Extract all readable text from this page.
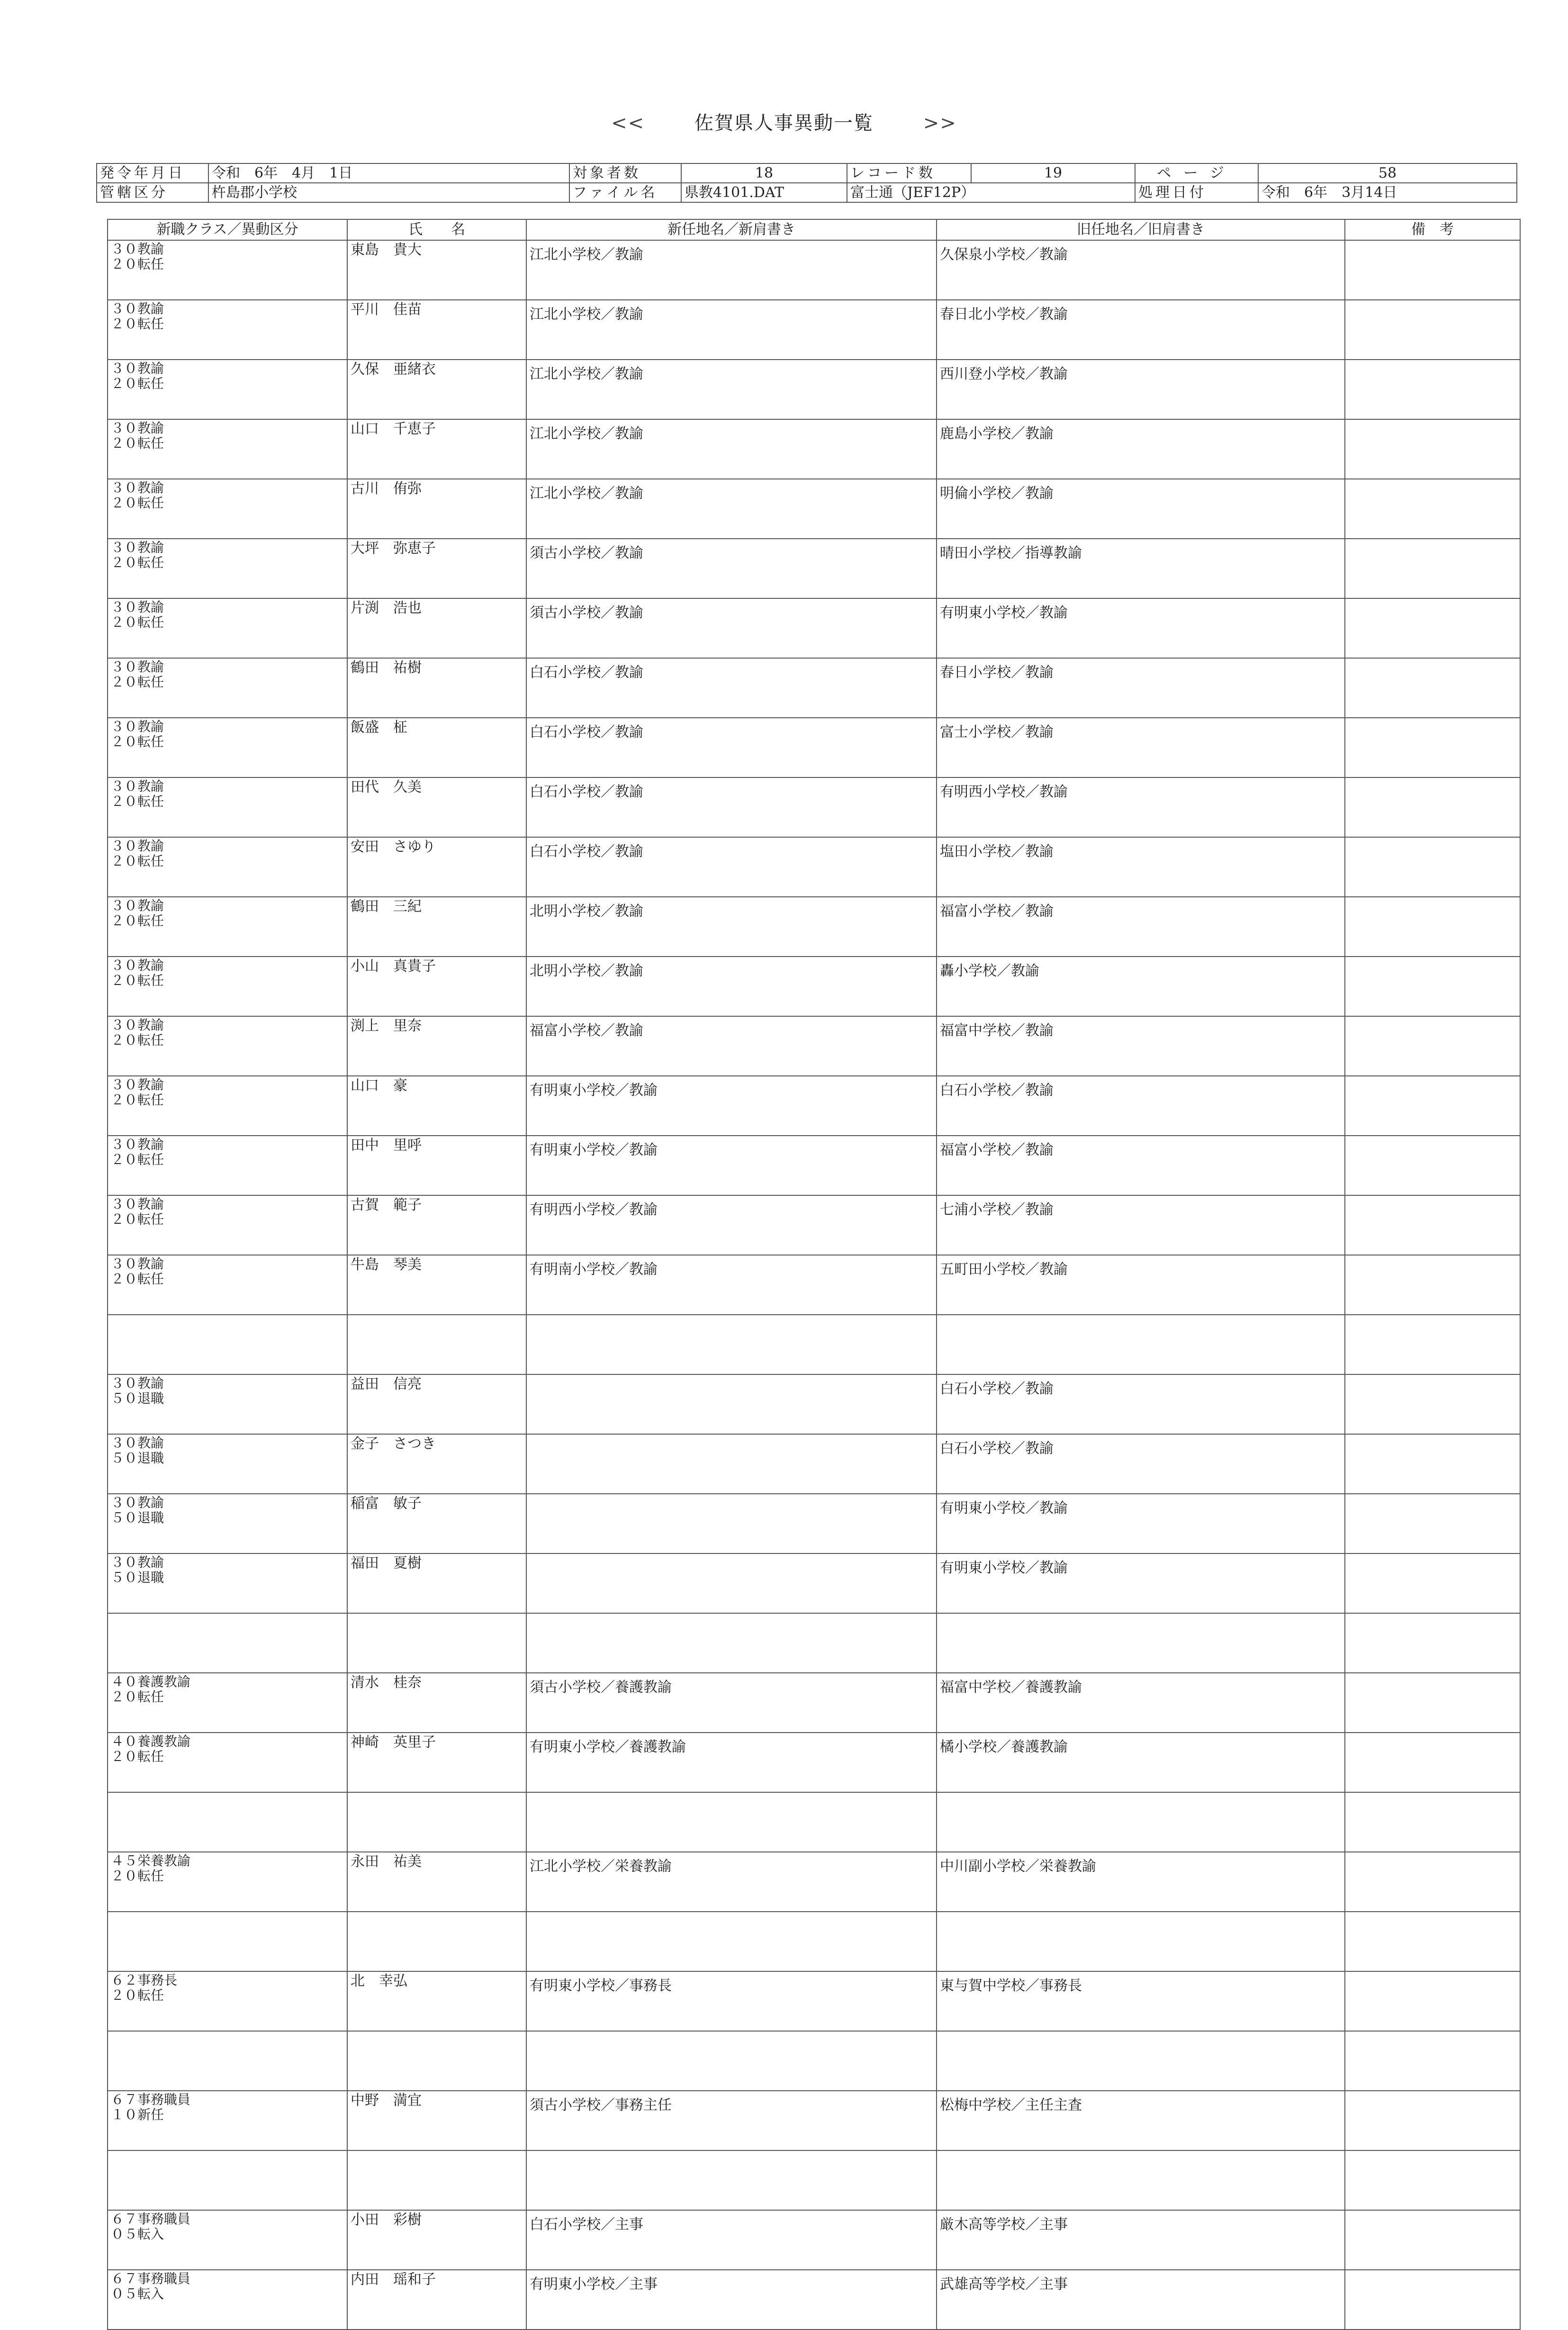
<<	佐賀県人事異動一覧	>>
発令年月日	令和　6年　4月　1日	対象者数	18	レコード数	19	ページ	58
管轄区分	杵島郡小学校	ファイル名	県教4101.DAT	富士通（JEF12P）		処理日付	令和　6年　3月14日
新職クラス／異動区分	氏　　名	新任地名／新肩書き	旧任地名／旧肩書き	備　考

３０教諭
２０転任	東島　貴大	江北小学校／教諭	久保泉小学校／教諭	

３０教諭
２０転任	平川　佳苗	江北小学校／教諭	春日北小学校／教諭	

３０教諭
２０転任	久保　亜緒衣	江北小学校／教諭	西川登小学校／教諭	

３０教諭
２０転任	山口　千恵子	江北小学校／教諭	鹿島小学校／教諭	

３０教諭
２０転任	古川　侑弥	江北小学校／教諭	明倫小学校／教諭	

３０教諭
２０転任	大坪　弥恵子	須古小学校／教諭	晴田小学校／指導教諭	

３０教諭
２０転任	片渕　浩也	須古小学校／教諭	有明東小学校／教諭	

３０教諭
２０転任	鶴田　祐樹	白石小学校／教諭	春日小学校／教諭	

３０教諭
２０転任	飯盛　柾	白石小学校／教諭	富士小学校／教諭	

３０教諭
２０転任	田代　久美	白石小学校／教諭	有明西小学校／教諭	

３０教諭
２０転任	安田　さゆり	白石小学校／教諭	塩田小学校／教諭	

３０教諭
２０転任	鶴田　三紀	北明小学校／教諭	福富小学校／教諭	

３０教諭
２０転任	小山　真貴子	北明小学校／教諭	轟小学校／教諭	

３０教諭
２０転任	渕上　里奈	福富小学校／教諭	福富中学校／教諭	

３０教諭
２０転任	山口　豪	有明東小学校／教諭	白石小学校／教諭	

３０教諭
２０転任	田中　里呼	有明東小学校／教諭	福富小学校／教諭	

３０教諭
２０転任	古賀　範子	有明西小学校／教諭	七浦小学校／教諭	

３０教諭
２０転任	牛島　琴美	有明南小学校／教諭	五町田小学校／教諭	

３０教諭
５０退職	益田　信亮		白石小学校／教諭	

３０教諭
５０退職	金子　さつき		白石小学校／教諭	

３０教諭
５０退職	稲富　敏子		有明東小学校／教諭	

３０教諭
５０退職	福田　夏樹		有明東小学校／教諭	

４０養護教諭
２０転任	清水　桂奈	須古小学校／養護教諭	福富中学校／養護教諭	

４０養護教諭
２０転任	神崎　英里子	有明東小学校／養護教諭	橘小学校／養護教諭	

４５栄養教諭
２０転任	永田　祐美	江北小学校／栄養教諭	中川副小学校／栄養教諭	

６２事務長
２０転任	北　幸弘	有明東小学校／事務長	東与賀中学校／事務長	

６７事務職員
１０新任	中野　満宜	須古小学校／事務主任	松梅中学校／主任主査	

６７事務職員
０５転入	小田　彩樹	白石小学校／主事	厳木高等学校／主事	

６７事務職員
０５転入	内田　瑶和子	有明東小学校／主事	武雄高等学校／主事	
